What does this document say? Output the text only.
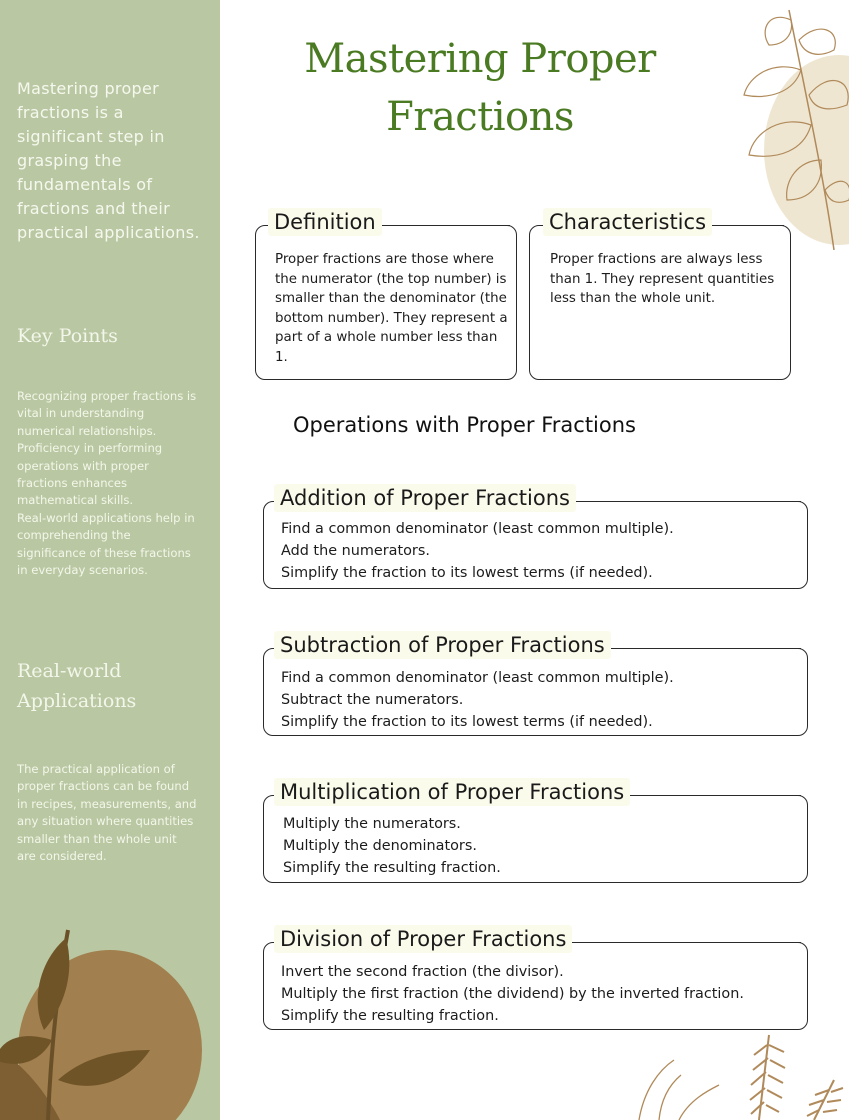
Mastering proper fractions is a significant step in grasping the fundamentals of fractions and their practical applications.
Key Points

Recognizing proper fractions is vital in understanding numerical relationships.

Proficiency in performing operations with proper fractions enhances mathematical skills.

Real-world applications help in comprehending the significance of these fractions in everyday scenarios.

Real-world Applications
The practical application of proper fractions can be found in recipes, measurements, and any situation where quantities smaller than the whole unit are considered.
Mastering Proper
Fractions
Definition
Proper fractions are those where the numerator (the top number) is smaller than the denominator (the bottom number). They represent a part of a whole number less than 1.
Characteristics
Proper fractions are always less than 1. They represent quantities less than the whole unit.
Operations with Proper Fractions
Addition of Proper Fractions
Find a common denominator (least common multiple).
Add the numerators.
Simplify the fraction to its lowest terms (if needed).
Subtraction of Proper Fractions
Find a common denominator (least common multiple).
Subtract the numerators.
Simplify the fraction to its lowest terms (if needed).
Multiplication of Proper Fractions
Multiply the numerators.
Multiply the denominators.
Simplify the resulting fraction.
Division of Proper Fractions
Invert the second fraction (the divisor).
Multiply the first fraction (the dividend) by the inverted fraction.
Simplify the resulting fraction.
